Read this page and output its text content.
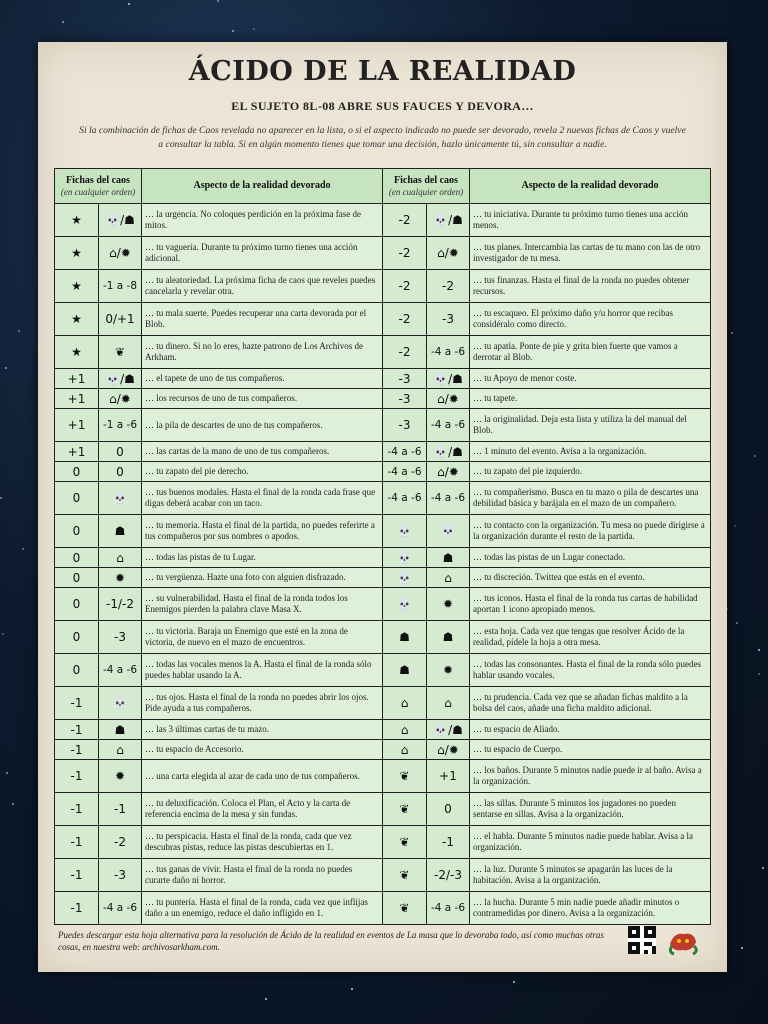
ÁCIDO DE LA REALIDAD
EL SUJETO 8L-08 ABRE SUS FAUCES Y DEVORA…
Si la combinación de fichas de Caos revelada no aparecer en la lista, o si el aspecto indicado no puede ser devorado, revela 2 nuevas fichas de Caos y vuelve a consultar la tabla. Si en algún momento tienes que tomar una decisión, hazlo únicamente tú, sin consultar a nadie.
Fichas del caos
(en cualquier orden)		Aspecto de la realidad devorado	Fichas del caos
(en cualquier orden)		Aspecto de la realidad devorado
★	💀/☗	… la urgencia. No coloques perdición en la próxima fase de mitos.	-2	💀/☗	… tu iniciativa. Durante tu próximo turno tienes una acción menos.
★	⌂/✹	… tu vaguería. Durante tu próximo turno tienes una acción adicional.	-2	⌂/✹	… tus planes. Intercambia las cartas de tu mano con las de otro investigador de tu mesa.
★	-1 a -8	… tu aleatoriedad. La próxima ficha de caos que reveles puedes cancelarla y revelar otra.	-2	-2	… tus finanzas. Hasta el final de la ronda no puedes obtener recursos.
★	0/+1	… tu mala suerte. Puedes recuperar una carta devorada por el Blob.	-2	-3	… tu escaqueo. El próximo daño y/u horror que recibas considéralo como directo.
★	❦	… tu dinero. Si no lo eres, hazte patrono de Los Archivos de Arkham.	-2	-4 a -6	… tu apatía. Ponte de pie y grita bien fuerte que vamos a derrotar al Blob.
+1	💀/☗	… el tapete de uno de tus compañeros.	-3	💀/☗	… tu Apoyo de menor coste.
+1	⌂/✹	… los recursos de uno de tus compañeros.	-3	⌂/✹	… tu tapete.
+1	-1 a -6	… la pila de descartes de uno de tus compañeros.	-3	-4 a -6	… la originalidad. Deja esta lista y utiliza la del manual del Blob.
+1	0	… las cartas de la mano de uno de tus compañeros.	-4 a -6	💀/☗	… 1 minuto del evento. Avisa a la organización.
0	0	… tu zapato del pie derecho.	-4 a -6	⌂/✹	… tu zapato del pie izquierdo.
0	💀	… tus buenos modales. Hasta el final de la ronda cada frase que digas deberá acabar con un taco.	-4 a -6	-4 a -6	… tu compañerismo. Busca en tu mazo o pila de descartes una debilidad básica y barájala en el mazo de un compañero.
0	☗	… tu memoria. Hasta el final de la partida, no puedes referirte a tus compañeros por sus nombres o apodos.	💀	💀	… tu contacto con la organización. Tu mesa no puede dirigirse a la organización durante el resto de la partida.
0	⌂	… todas las pistas de tu Lugar.	💀	☗	… todas las pistas de un Lugar conectado.
0	✹	… tu vergüenza. Hazte una foto con alguien disfrazado.	💀	⌂	… tu discreción. Twittea que estás en el evento.
0	-1/-2	… su vulnerabilidad. Hasta el final de la ronda todos los Enemigos pierden la palabra clave Masa X.	💀	✹	… tus iconos. Hasta el final de la ronda tus cartas de habilidad aportan 1 icono apropiado menos.
0	-3	… tu victoria. Baraja un Enemigo que esté en la zona de victoria, de nuevo en el mazo de encuentros.	☗	☗	… esta hoja. Cada vez que tengas que resolver Ácido de la realidad, pídele la hoja a otra mesa.
0	-4 a -6	… todas las vocales menos la A. Hasta el final de la ronda sólo puedes hablar usando la A.	☗	✹	… todas las consonantes. Hasta el final de la ronda sólo puedes hablar usando vocales.
-1	💀	… tus ojos. Hasta el final de la ronda no puedes abrir los ojos. Pide ayuda a tus compañeros.	⌂	⌂	… tu prudencia. Cada vez que se añadan fichas maldito a la bolsa del caos, añade una ficha maldito adicional.
-1	☗	… las 3 últimas cartas de tu mazo.	⌂	💀/☗	… tu espacio de Aliado.
-1	⌂	… tu espacio de Accesorio.	⌂	⌂/✹	… tu espacio de Cuerpo.
-1	✹	… una carta elegida al azar de cada uno de tus compañeros.	❦	+1	… los baños. Durante 5 minutos nadie puede ir al baño. Avisa a la organización.
-1	-1	… tu deluxificación. Coloca el Plan, el Acto y la carta de referencia encima de la mesa y sin fundas.	❦	0	… las sillas. Durante 5 minutos los jugadores no pueden sentarse en sillas. Avisa a la organización.
-1	-2	… tu perspicacia. Hasta el final de la ronda, cada que vez descubras pistas, reduce las pistas descubiertas en 1.	❦	-1	… el habla. Durante 5 minutos nadie puede hablar. Avisa a la organización.
-1	-3	… tus ganas de vivir. Hasta el final de la ronda no puedes curarte daño ni horror.	❦	-2/-3	… la luz. Durante 5 minutos se apagarán las luces de la habitación. Avisa a la organización.
-1	-4 a -6	… tu puntería. Hasta el final de la ronda, cada vez que inflijas daño a un enemigo, reduce el daño infligido en 1.	❦	-4 a -6	… la hucha. Durante 5 min nadie puede añadir minutos o contramedidas por dinero. Avisa a la organización.
Puedes descargar esta hoja alternativa para la resolución de Ácido de la realidad en eventos de La masa que lo devoraba todo, así como muchas otras cosas, en nuestra web: archivosarkham.com.
